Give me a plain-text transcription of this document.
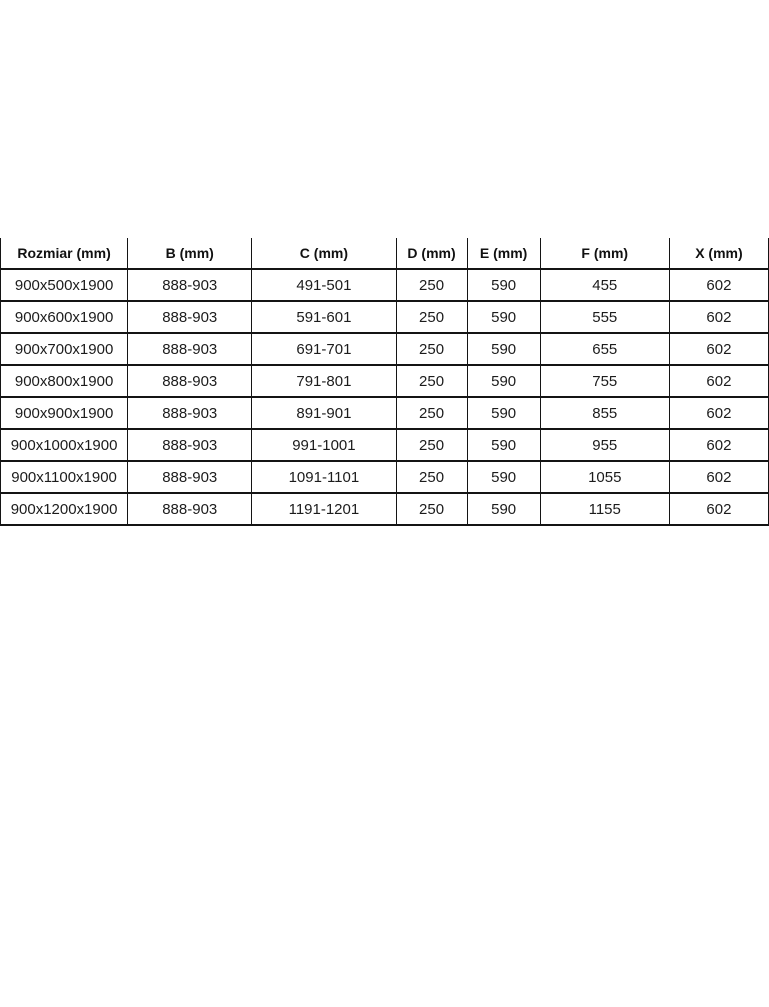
Rozmiar (mm)	B (mm)	C (mm)	D (mm)	E (mm)	F (mm)	X (mm)
900x500x1900	888-903	491-501	250	590	455	602
900x600x1900	888-903	591-601	250	590	555	602
900x700x1900	888-903	691-701	250	590	655	602
900x800x1900	888-903	791-801	250	590	755	602
900x900x1900	888-903	891-901	250	590	855	602
900x1000x1900	888-903	991-1001	250	590	955	602
900x1100x1900	888-903	1091-1101	250	590	1055	602
900x1200x1900	888-903	1191-1201	250	590	1155	602
